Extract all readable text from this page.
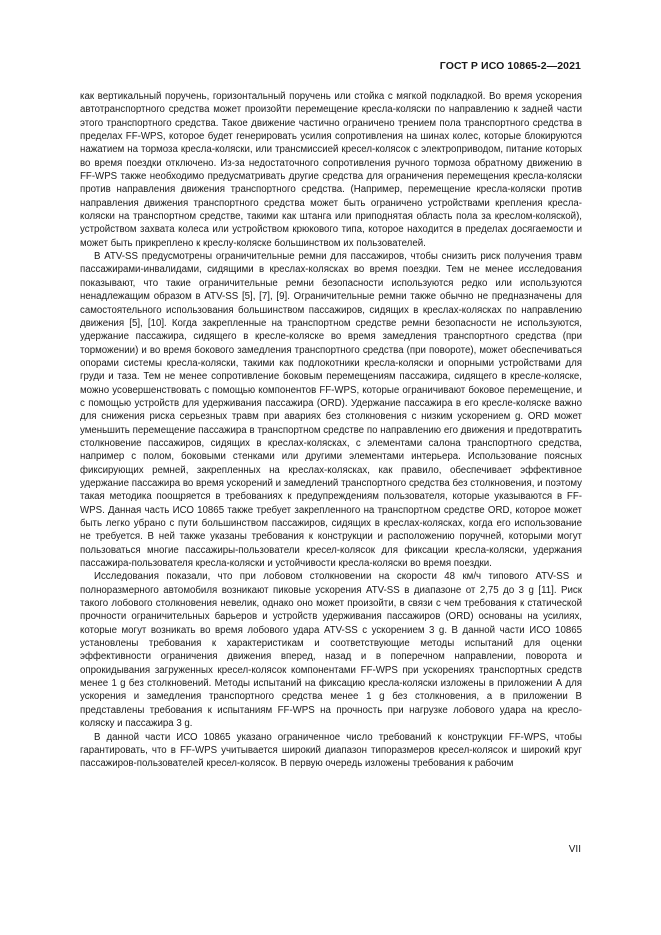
ГОСТ Р ИСО 10865-2—2021

как вертикальный поручень, горизонтальный поручень или стойка с мягкой подкладкой. Во время ускорения автотранспортного средства может произойти перемещение кресла-коляски по направлению к задней части этого транспортного средства. Такое движение частично ограничено трением пола транспортного средства в пределах FF-WPS, которое будет генерировать усилия сопротивления на шинах колес, которые блокируются нажатием на тормоза кресла-коляски, или трансмиссией кресел-колясок с электроприводом, питание которых во время поездки отключено. Из-за недостаточного сопротивления ручного тормоза обратному движению в FF-WPS также необходимо предусматривать другие средства для ограничения перемещения кресла-коляски против направления движения транспортного средства. (Например, перемещение кресла-коляски против направления движения транспортного средства может быть ограничено устройствами крепления кресла-коляски на транспортном средстве, такими как штанга или приподнятая область пола за креслом-коляской), устройством захвата колеса или устройством крюкового типа, которое находится в пределах досягаемости и может быть прикреплено к креслу-коляске большинством их пользователей.

В ATV-SS предусмотрены ограничительные ремни для пассажиров, чтобы снизить риск получения травм пассажирами-инвалидами, сидящими в креслах-колясках во время поездки. Тем не менее исследования показывают, что такие ограничительные ремни безопасности используются редко или используются ненадлежащим образом в ATV-SS [5], [7], [9]. Ограничительные ремни также обычно не предназначены для самостоятельного использования большинством пассажиров, сидящих в креслах-колясках по направлению движения [5], [10]. Когда закрепленные на транспортном средстве ремни безопасности не используются, удержание пассажира, сидящего в кресле-коляске во время замедления транспортного средства (при торможении) и во время бокового замедления транспортного средства (при повороте), может обеспечиваться опорами системы кресла-коляски, такими как подлокотники кресла-коляски и опорными устройствами для груди и таза. Тем не менее сопротивление боковым перемещениям пассажира, сидящего в кресле-коляске, можно усовершенствовать с помощью компонентов FF-WPS, которые ограничивают боковое перемещение, и с помощью устройств для удерживания пассажира (ORD). Удержание пассажира в его кресле-коляске важно для снижения риска серьезных травм при авариях без столкновения с низким ускорением g. ORD может уменьшить перемещение пассажира в транспортном средстве по направлению его движения и предотвратить столкновение пассажиров, сидящих в креслах-колясках, с элементами салона транспортного средства, например с полом, боковыми стенками или другими элементами интерьера. Использование поясных фиксирующих ремней, закрепленных на креслах-колясках, как правило, обеспечивает эффективное удержание пассажира во время ускорений и замедлений транспортного средства без столкновения, и поэтому такая методика поощряется в требованиях к предупреждениям пользователя, которые указываются в FF-WPS. Данная часть ИСО 10865 также требует закрепленного на транспортном средстве ORD, которое может быть легко убрано с пути большинством пассажиров, сидящих в креслах-колясках, когда его использование не требуется. В ней также указаны требования к конструкции и расположению поручней, которыми могут пользоваться многие пассажиры-пользователи кресел-колясок для фиксации кресла-коляски, удержания пассажира-пользователя кресла-коляски и устойчивости кресла-коляски во время поездки.

Исследования показали, что при лобовом столкновении на скорости 48 км/ч типового ATV-SS и полноразмерного автомобиля возникают пиковые ускорения ATV-SS в диапазоне от 2,75 до 3 g [11]. Риск такого лобового столкновения невелик, однако оно может произойти, в связи с чем требования к статической прочности ограничительных барьеров и устройств удерживания пассажиров (ORD) основаны на усилиях, которые могут возникать во время лобового удара ATV-SS с ускорением 3 g. В данной части ИСО 10865 установлены требования к характеристикам и соответствующие методы испытаний для оценки эффективности ограничения движения вперед, назад и в поперечном направлении, поворота и опрокидывания загруженных кресел-колясок компонентами FF-WPS при ускорениях транспортных средств менее 1 g без столкновений. Методы испытаний на фиксацию кресла-коляски изложены в приложении А для ускорения и замедления транспортного средства менее 1 g без столкновения, а в приложении В представлены требования к испытаниям FF-WPS на прочность при нагрузке лобового удара на кресло-коляску и пассажира 3 g.

В данной части ИСО 10865 указано ограниченное число требований к конструкции FF-WPS, чтобы гарантировать, что в FF-WPS учитывается широкий диапазон типоразмеров кресел-колясок и широкий круг пассажиров-пользователей кресел-колясок. В первую очередь изложены требования к рабочим

VII
